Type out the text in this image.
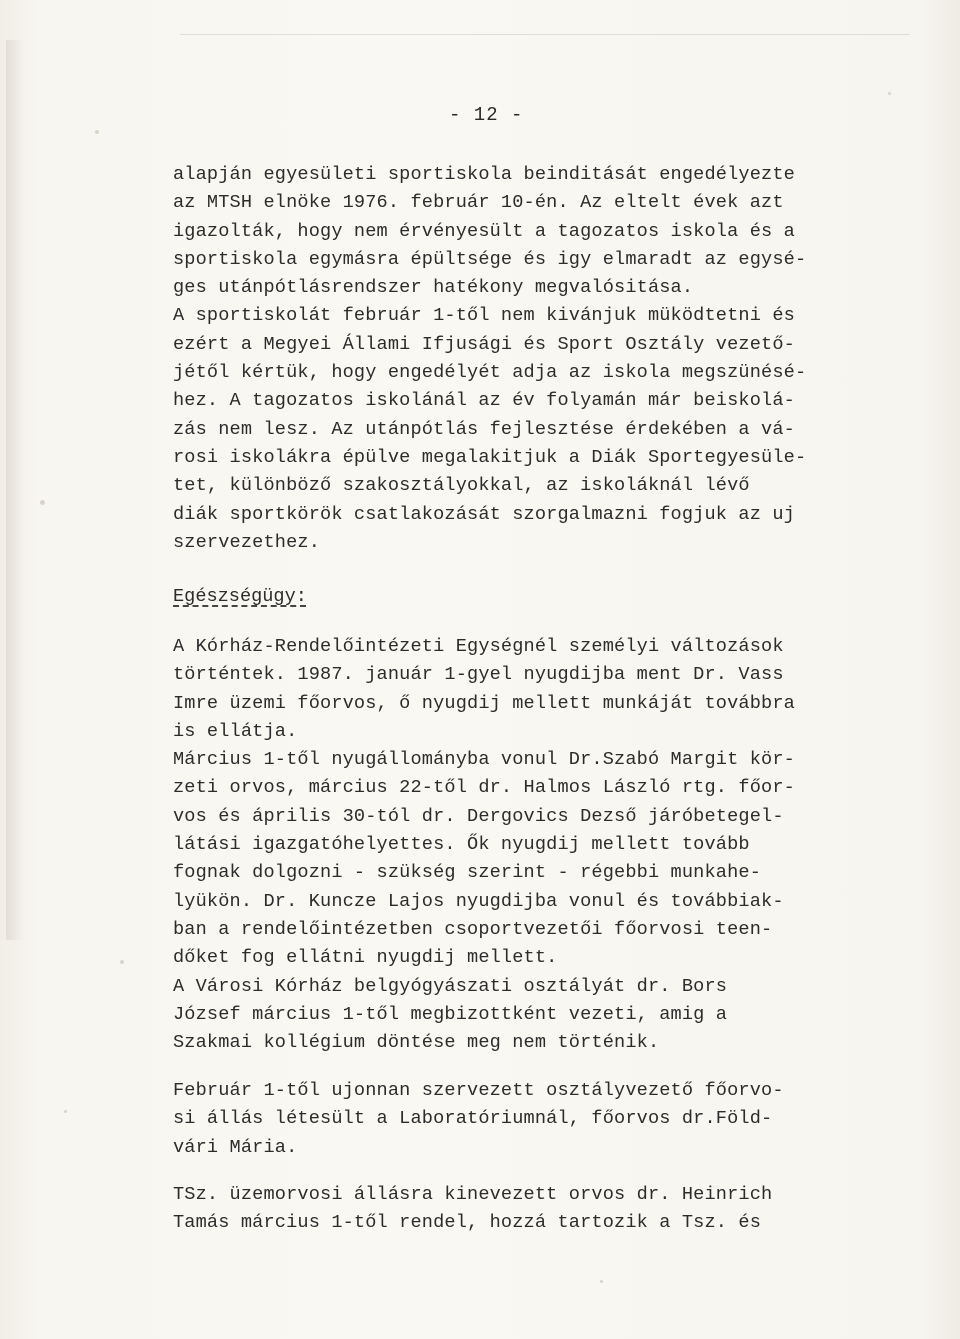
- 12 -
alapján egyesületi sportiskola beinditását engedélyezte
az MTSH elnöke 1976. február 10-én. Az eltelt évek azt
igazolták, hogy nem érvényesült a tagozatos iskola és a
sportiskola egymásra épültsége és igy elmaradt az egysé-
ges utánpótlásrendszer hatékony megvalósitása.
A sportiskolát február 1-től nem kivánjuk müködtetni és
ezért a Megyei Állami Ifjusági és Sport Osztály vezető-
jétől kértük, hogy engedélyét adja az iskola megszünésé-
hez. A tagozatos iskolánál az év folyamán már beiskolá-
zás nem lesz. Az utánpótlás fejlesztése érdekében a vá-
rosi iskolákra épülve megalakitjuk a Diák Sportegyesüle-
tet, különböző szakosztályokkal, az iskoláknál lévő
diák sportkörök csatlakozását szorgalmazni fogjuk az uj
szervezethez.
Egészségügy:
A Kórház-Rendelőintézeti Egységnél személyi változások
történtek. 1987. január 1-gyel nyugdijba ment Dr. Vass
Imre üzemi főorvos, ő nyugdij mellett munkáját továbbra
is ellátja.
Március 1-től nyugállományba vonul Dr.Szabó Margit kör-
zeti orvos, március 22-től dr. Halmos László rtg. főor-
vos és április 30-tól dr. Dergovics Dezső járóbetegel-
látási igazgatóhelyettes. Ők nyugdij mellett tovább
fognak dolgozni - szükség szerint - régebbi munkahe-
lyükön. Dr. Kuncze Lajos nyugdijba vonul és továbbiak-
ban a rendelőintézetben csoportvezetői főorvosi teen-
dőket fog ellátni nyugdij mellett.
A Városi Kórház belgyógyászati osztályát dr. Bors
József március 1-től megbizottként vezeti, amig a
Szakmai kollégium döntése meg nem történik.
Február 1-től ujonnan szervezett osztályvezető főorvo-
si állás létesült a Laboratóriumnál, főorvos dr.Föld-
vári Mária.
TSz. üzemorvosi állásra kinevezett orvos dr. Heinrich
Tamás március 1-től rendel, hozzá tartozik a Tsz. és
